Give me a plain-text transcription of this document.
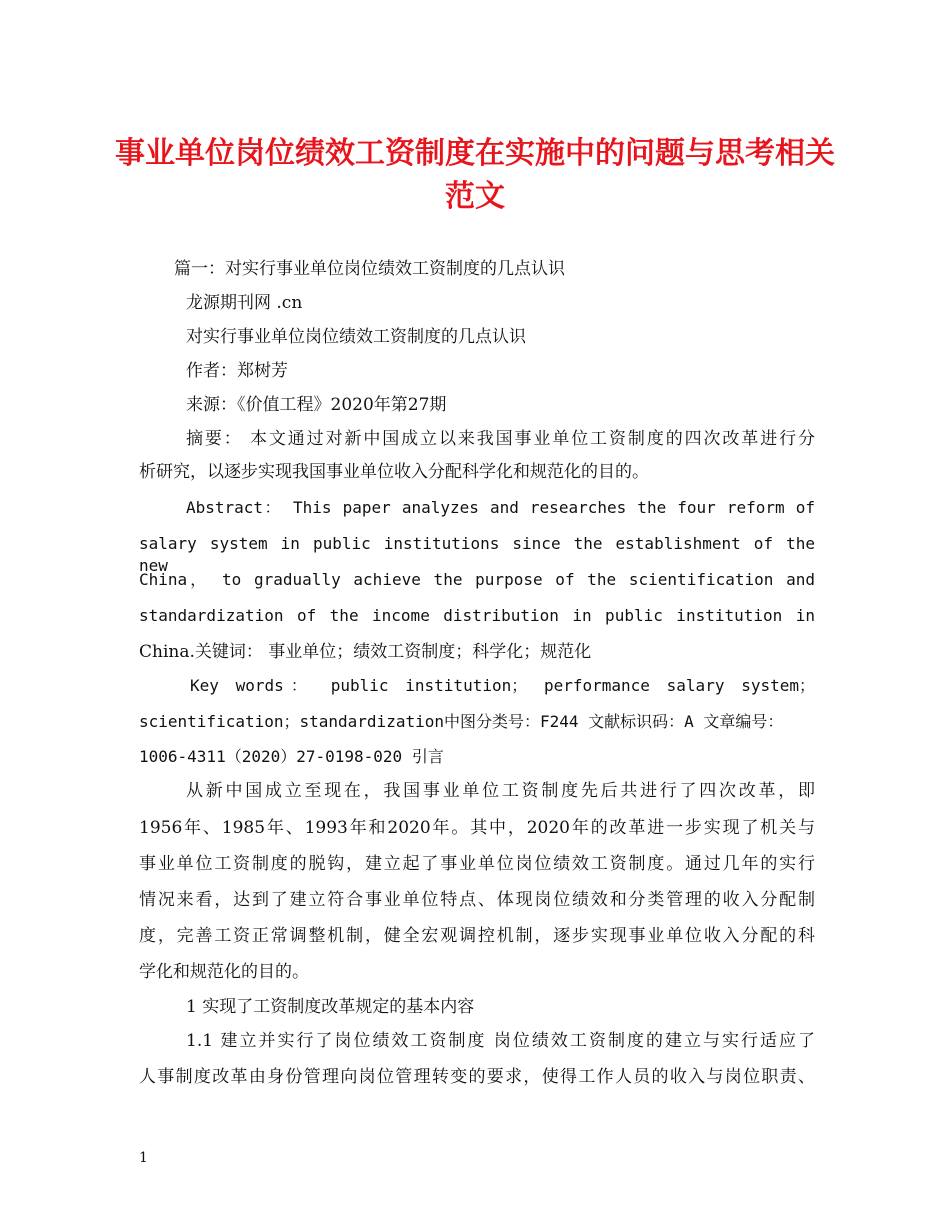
事业单位岗位绩效工资制度在实施中的问题与思考相关
范文
篇一：对实行事业单位岗位绩效工资制度的几点认识
龙源期刊网 .cn
对实行事业单位岗位绩效工资制度的几点认识
作者：郑树芳
来源：《价值工程》2020年第27期
摘要： 本文通过对新中国成立以来我国事业单位工资制度的四次改革进行分
析研究，以逐步实现我国事业单位收入分配科学化和规范化的目的。
Abstract： This paper analyzes and researches the four reform of
salary system in public institutions since the establishment of the new
China， to gradually achieve the purpose of the scientification and
standardization of the income distribution in public institution in
China.关键词： 事业单位；绩效工资制度；科学化；规范化
Key words： public institution； performance salary system；
scientification；standardization中图分类号：F244 文献标识码：A 文章编号：
1006-4311（2020）27-0198-020 引言
从新中国成立至现在，我国事业单位工资制度先后共进行了四次改革，即
1956年、1985年、1993年和2020年。其中，2020年的改革进一步实现了机关与
事业单位工资制度的脱钩，建立起了事业单位岗位绩效工资制度。通过几年的实行
情况来看，达到了建立符合事业单位特点、体现岗位绩效和分类管理的收入分配制
度，完善工资正常调整机制，健全宏观调控机制，逐步实现事业单位收入分配的科
学化和规范化的目的。
1 实现了工资制度改革规定的基本内容
1.1 建立并实行了岗位绩效工资制度 岗位绩效工资制度的建立与实行适应了
人事制度改革由身份管理向岗位管理转变的要求，使得工作人员的收入与岗位职责、
1
